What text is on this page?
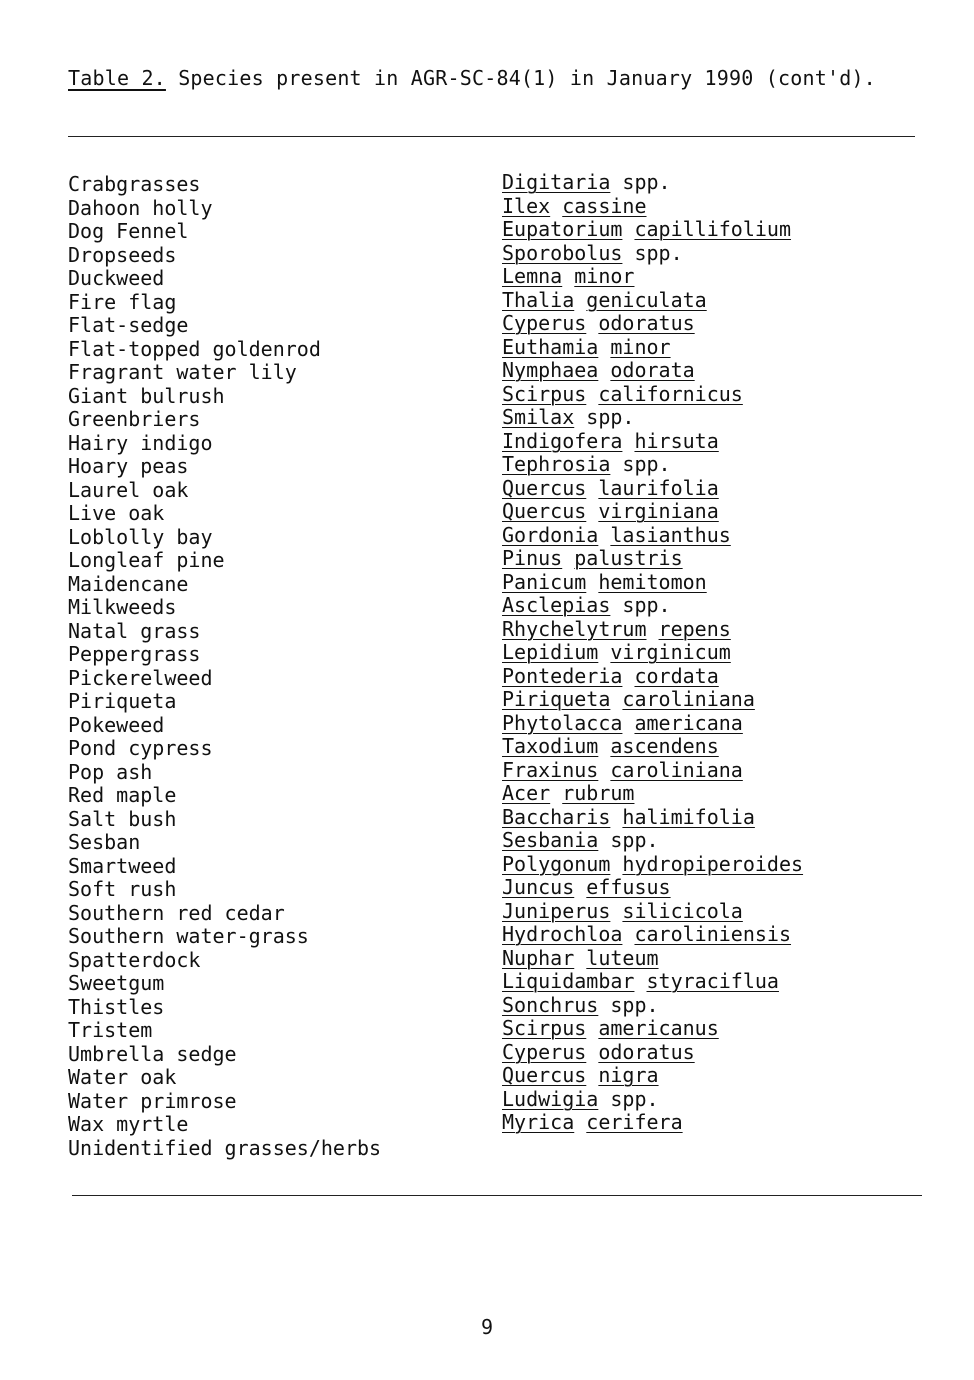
Table 2. Species present in AGR-SC-84(1) in January 1990 (cont'd).
Crabgrasses
Dahoon holly
Dog Fennel
Dropseeds
Duckweed
Fire flag
Flat-sedge
Flat-topped goldenrod
Fragrant water lily
Giant bulrush
Greenbriers
Hairy indigo
Hoary peas
Laurel oak
Live oak
Loblolly bay
Longleaf pine
Maidencane
Milkweeds
Natal grass
Peppergrass
Pickerelweed
Piriqueta
Pokeweed
Pond cypress
Pop ash
Red maple
Salt bush
Sesban
Smartweed
Soft rush
Southern red cedar
Southern water-grass
Spatterdock
Sweetgum
Thistles
Tristem
Umbrella sedge
Water oak
Water primrose
Wax myrtle
Unidentified grasses/herbs
Digitaria spp.
Ilex cassine
Eupatorium capillifolium
Sporobolus spp.
Lemna minor
Thalia geniculata
Cyperus odoratus
Euthamia minor
Nymphaea odorata
Scirpus californicus
Smilax spp.
Indigofera hirsuta
Tephrosia spp.
Quercus laurifolia
Quercus virginiana
Gordonia lasianthus
Pinus palustris
Panicum hemitomon
Asclepias spp.
Rhychelytrum repens
Lepidium virginicum
Pontederia cordata
Piriqueta caroliniana
Phytolacca americana
Taxodium ascendens
Fraxinus caroliniana
Acer rubrum
Baccharis halimifolia
Sesbania spp.
Polygonum hydropiperoides
Juncus effusus
Juniperus silicicola
Hydrochloa caroliniensis
Nuphar luteum
Liquidambar styraciflua
Sonchrus spp.
Scirpus americanus
Cyperus odoratus
Quercus nigra
Ludwigia spp.
Myrica cerifera
9
